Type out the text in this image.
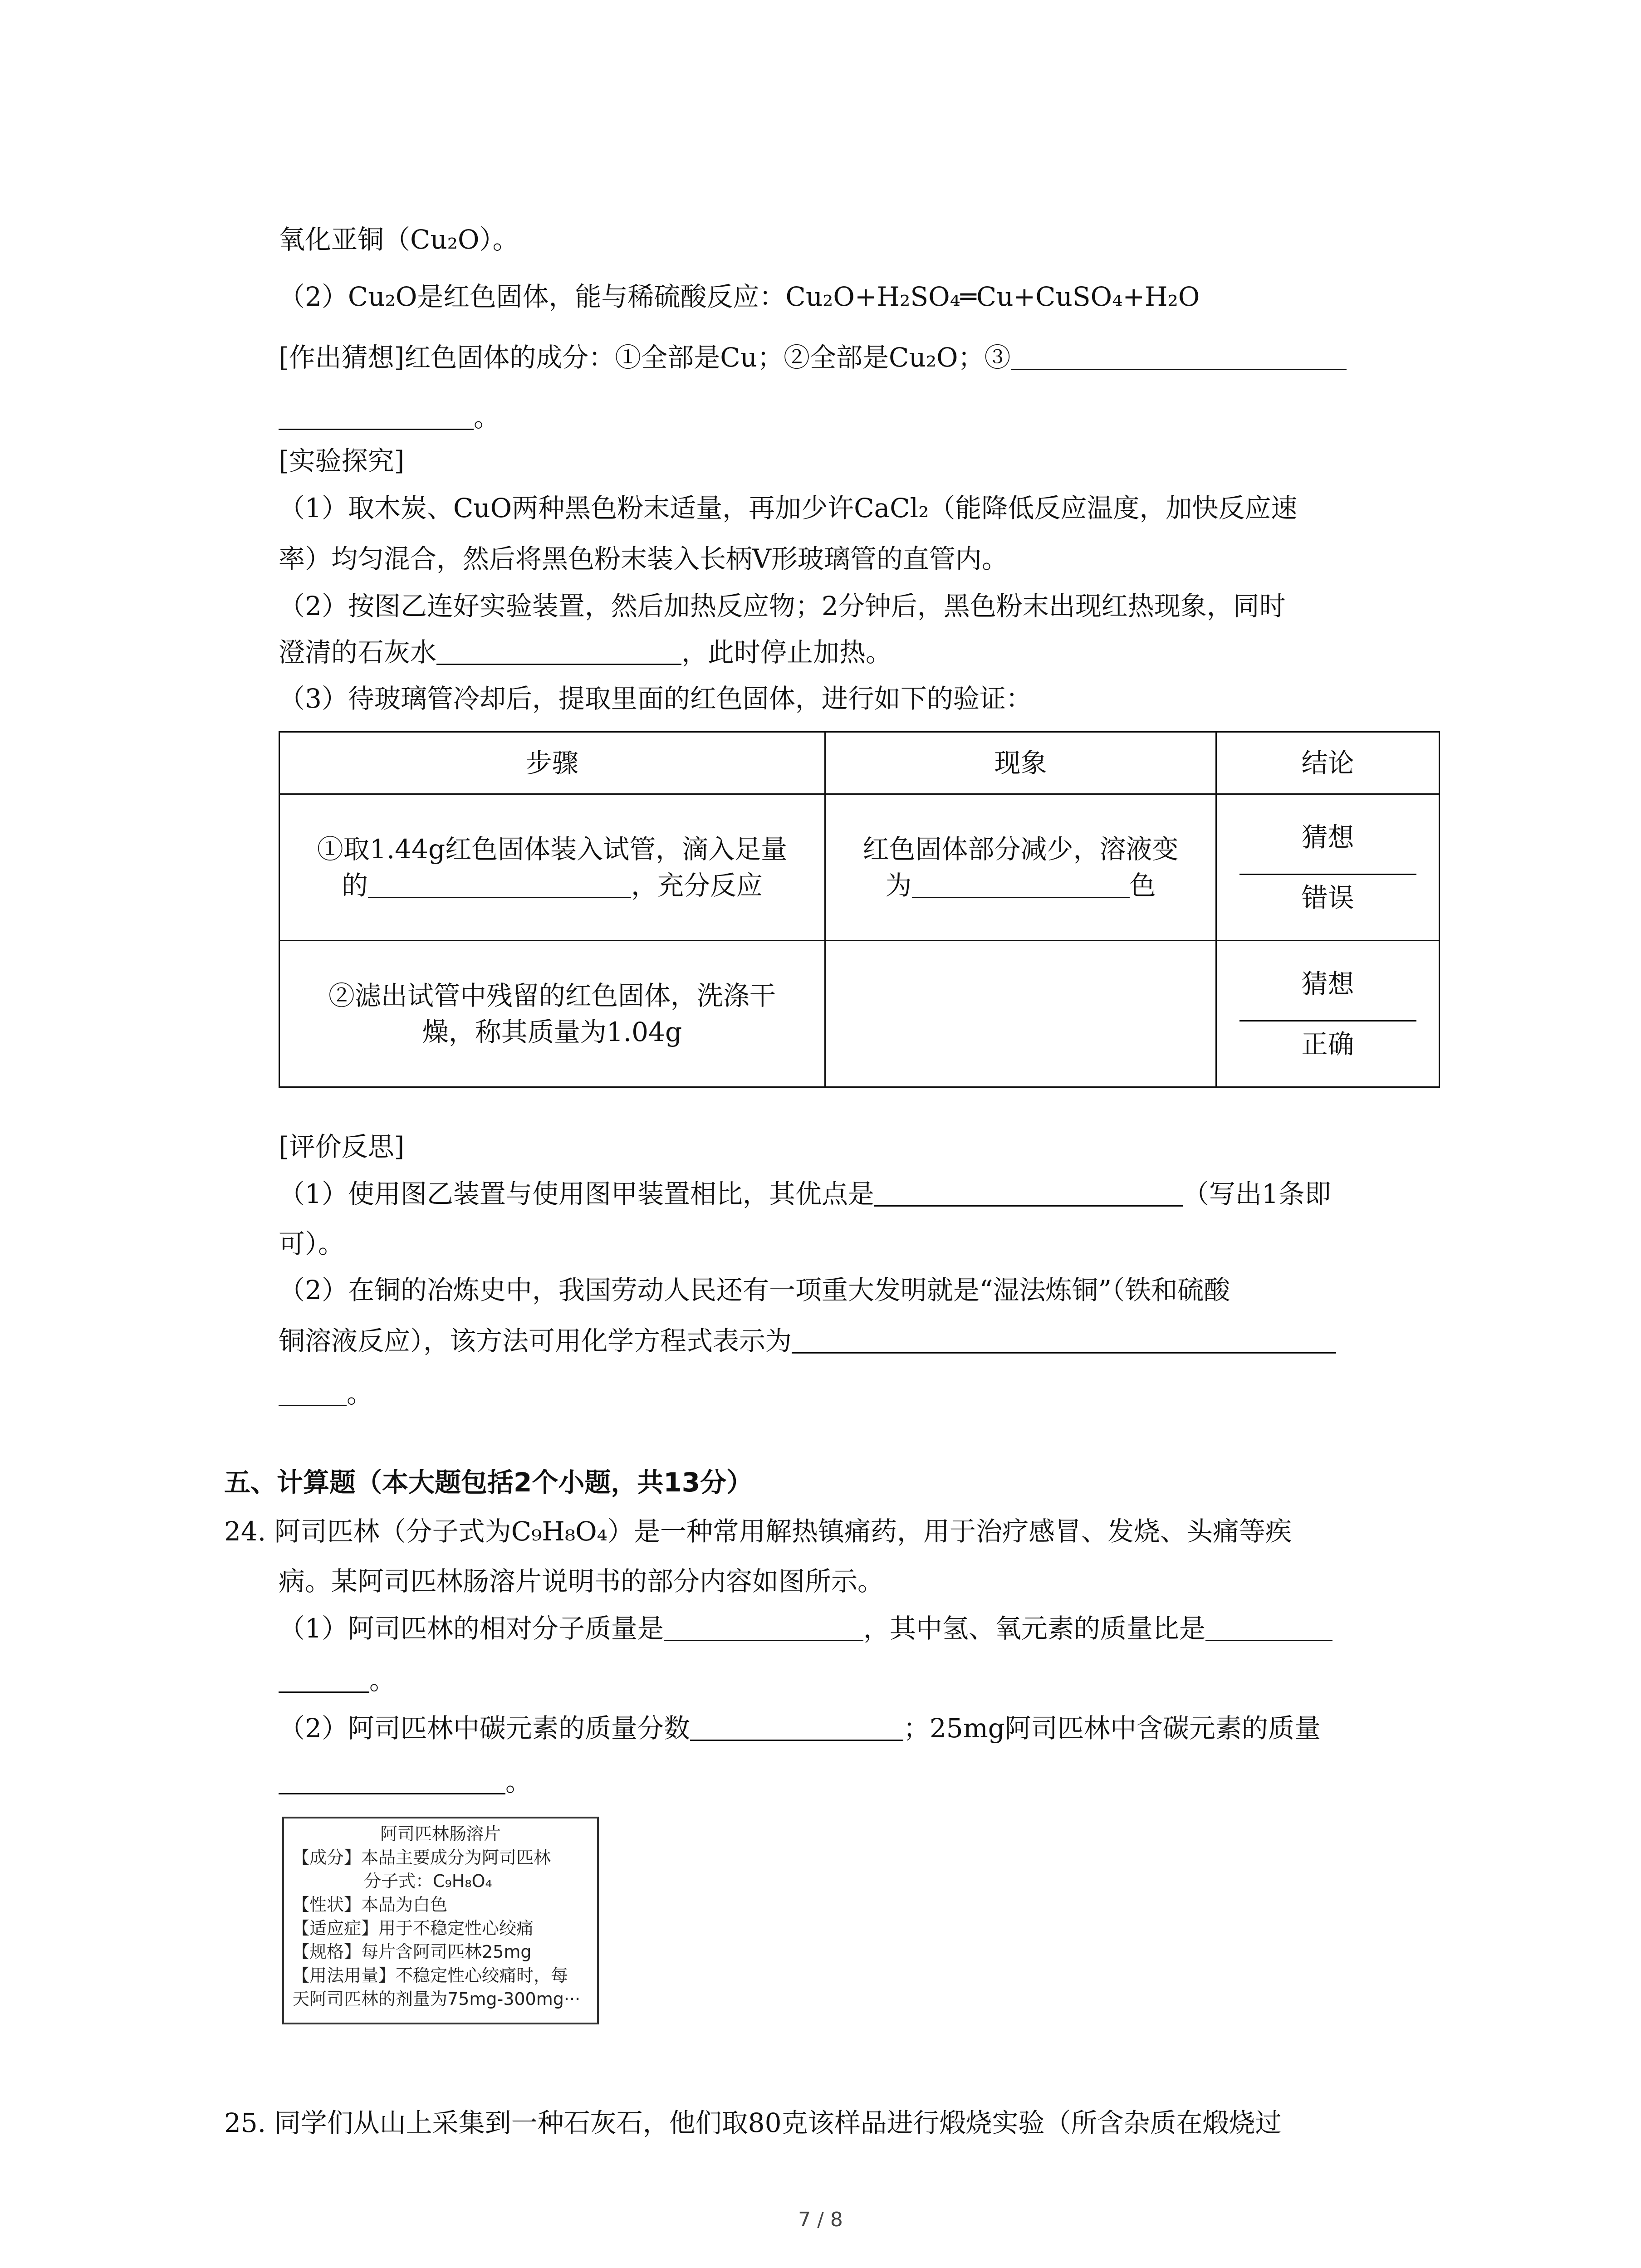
氧化亚铜（Cu₂O）。
（2）Cu₂O是红色固体，能与稀硫酸反应：Cu₂O+H₂SO₄═Cu+CuSO₄+H₂O
[作出猜想]红色固体的成分：①全部是Cu；②全部是Cu₂O；③
。
[实验探究]
（1）取木炭、CuO两种黑色粉末适量，再加少许CaCl₂（能降低反应温度，加快反应速
率）均匀混合，然后将黑色粉末装入长柄V形玻璃管的直管内。
（2）按图乙连好实验装置，然后加热反应物；2分钟后，黑色粉末出现红热现象，同时
澄清的石灰水	，此时停止加热。
（3）待玻璃管冷却后，提取里面的红色固体，进行如下的验证：
步骤	现象	结论

①取1.44g红色固体装入试管，滴入足量
的 ，充分反应	红色固体部分减少，溶液变
为 色	猜想
错误

②滤出试管中残留的红色固体，洗涤干
燥，称其质量为1.04g		猜想
正确
[评价反思]
（1）使用图乙装置与使用图甲装置相比，其优点是	（写出1条即
可）。
（2）在铜的冶炼史中，我国劳动人民还有一项重大发明就是“湿法炼铜”（铁和硫酸
铜溶液反应），该方法可用化学方程式表示为
。
五、计算题（本大题包括2个小题，共13分）
24. 阿司匹林（分子式为C₉H₈O₄）是一种常用解热镇痛药，用于治疗感冒、发烧、头痛等疾
病。某阿司匹林肠溶片说明书的部分内容如图所示。
（1）阿司匹林的相对分子质量是	，其中氢、氧元素的质量比是
。
（2）阿司匹林中碳元素的质量分数	；25mg阿司匹林中含碳元素的质量
。
阿司匹林肠溶片
【成分】本品主要成分为阿司匹林
分子式：C₉H₈O₄
【性状】本品为白色
【适应症】用于不稳定性心绞痛
【规格】每片含阿司匹林25mg
【用法用量】不稳定性心绞痛时，每
天阿司匹林的剂量为75mg-300mg···
25. 同学们从山上采集到一种石灰石，他们取80克该样品进行煅烧实验（所含杂质在煅烧过
7 / 8
